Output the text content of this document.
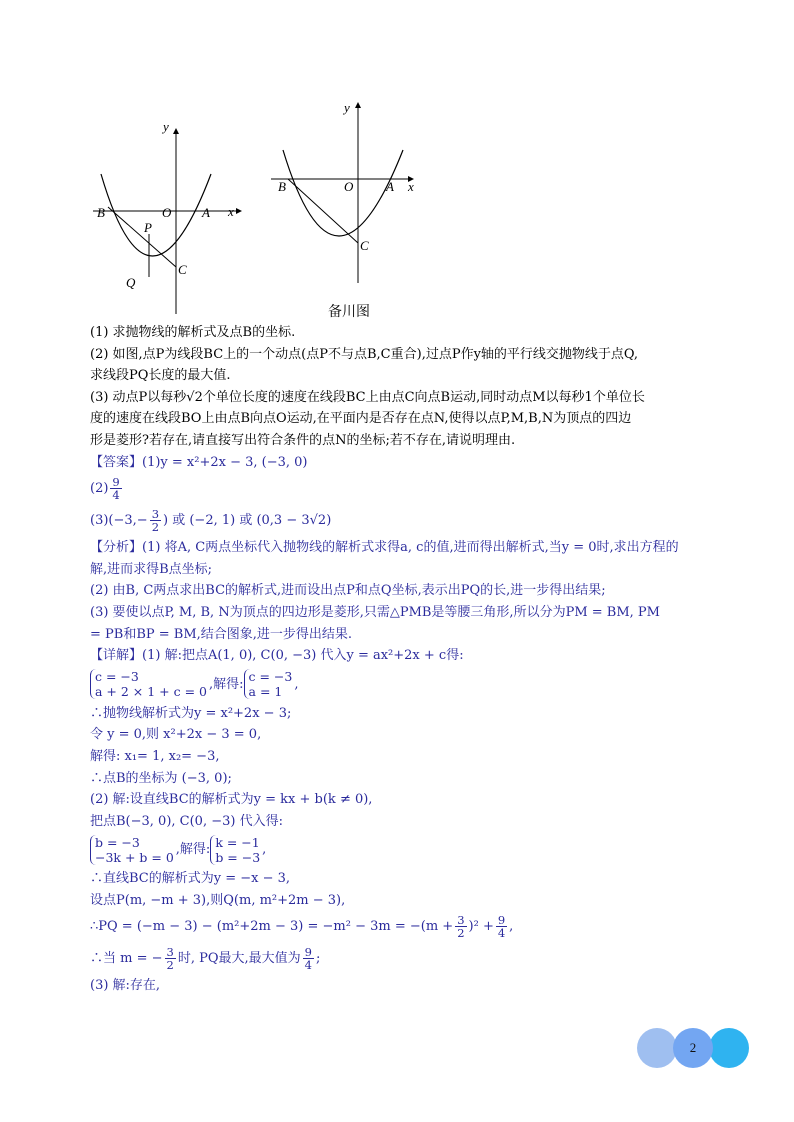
y
x
O A
B
P
C
Q
y
x
O	A
B
C
备川图
(1) 求抛物线的解析式及点B的坐标.
(2) 如图,点P为线段BC上的一个动点(点P不与点B,C重合),过点P作y轴的平行线交抛物线于点Q,
求线段PQ长度的最大值.
(3) 动点P以每秒√2个单位长度的速度在线段BC上由点C向点B运动,同时动点M以每秒1个单位长
度的速度在线段BO上由点B向点O运动,在平面内是否存在点N,使得以点P,M,B,N为顶点的四边
形是菱形?若存在,请直接写出符合条件的点N的坐标;若不存在,请说明理由.
【答案】(1)y = x²+2x − 3, (−3, 0)
$(2) \frac{9}{4}$
$(3)(-3,- \frac{3}{2}$ ) 或 (−2, 1) 或 (0,3 − 3√2)
【分析】(1) 将A, C两点坐标代入抛物线的解析式求得a, c的值,进而得出解析式,当y = 0时,求出方程的
解,进而求得B点坐标;
(2) 由B, C两点求出BC的解析式,进而设出点P和点Q坐标,表示出PQ的长,进一步得出结果;
(3) 要使以点P, M, B, N为顶点的四边形是菱形,只需△PMB是等腰三角形,所以分为PM = BM, PM
= PB和BP = BM,结合图象,进一步得出结果.
【详解】(1) 解:把点A(1, 0), C(0, −3) 代入y = ax²+2x + c得:
c = −3
a + 2 × 1 + c = 0 ,解得: c = −3
a = 1 ,
∴抛物线解析式为y = x²+2x − 3;
令 y = 0,则 x²+2x − 3 = 0,
解得: x₁= 1, x₂= −3,
∴点B的坐标为 (−3, 0);
(2) 解:设直线BC的解析式为y = kx + b(k ≠ 0),
把点B(−3, 0), C(0, −3) 代入得:
b = −3
−3k + b = 0 ,解得: k = −1
b = −3 ,
∴直线BC的解析式为y = −x − 3,
设点P(m, −m + 3),则Q(m, m²+2m − 3),
∴PQ = $(-m - 3) - (m^2+2m - 3) = -m^2 - 3m = -(m + \frac{3}{2} )^2 + \frac{9}{4}$ ,
∴当 m = − $\frac{3}{2}$ 时, PQ最大,最大值为 $\frac{9}{4}$ ;
(3) 解:存在,
2
